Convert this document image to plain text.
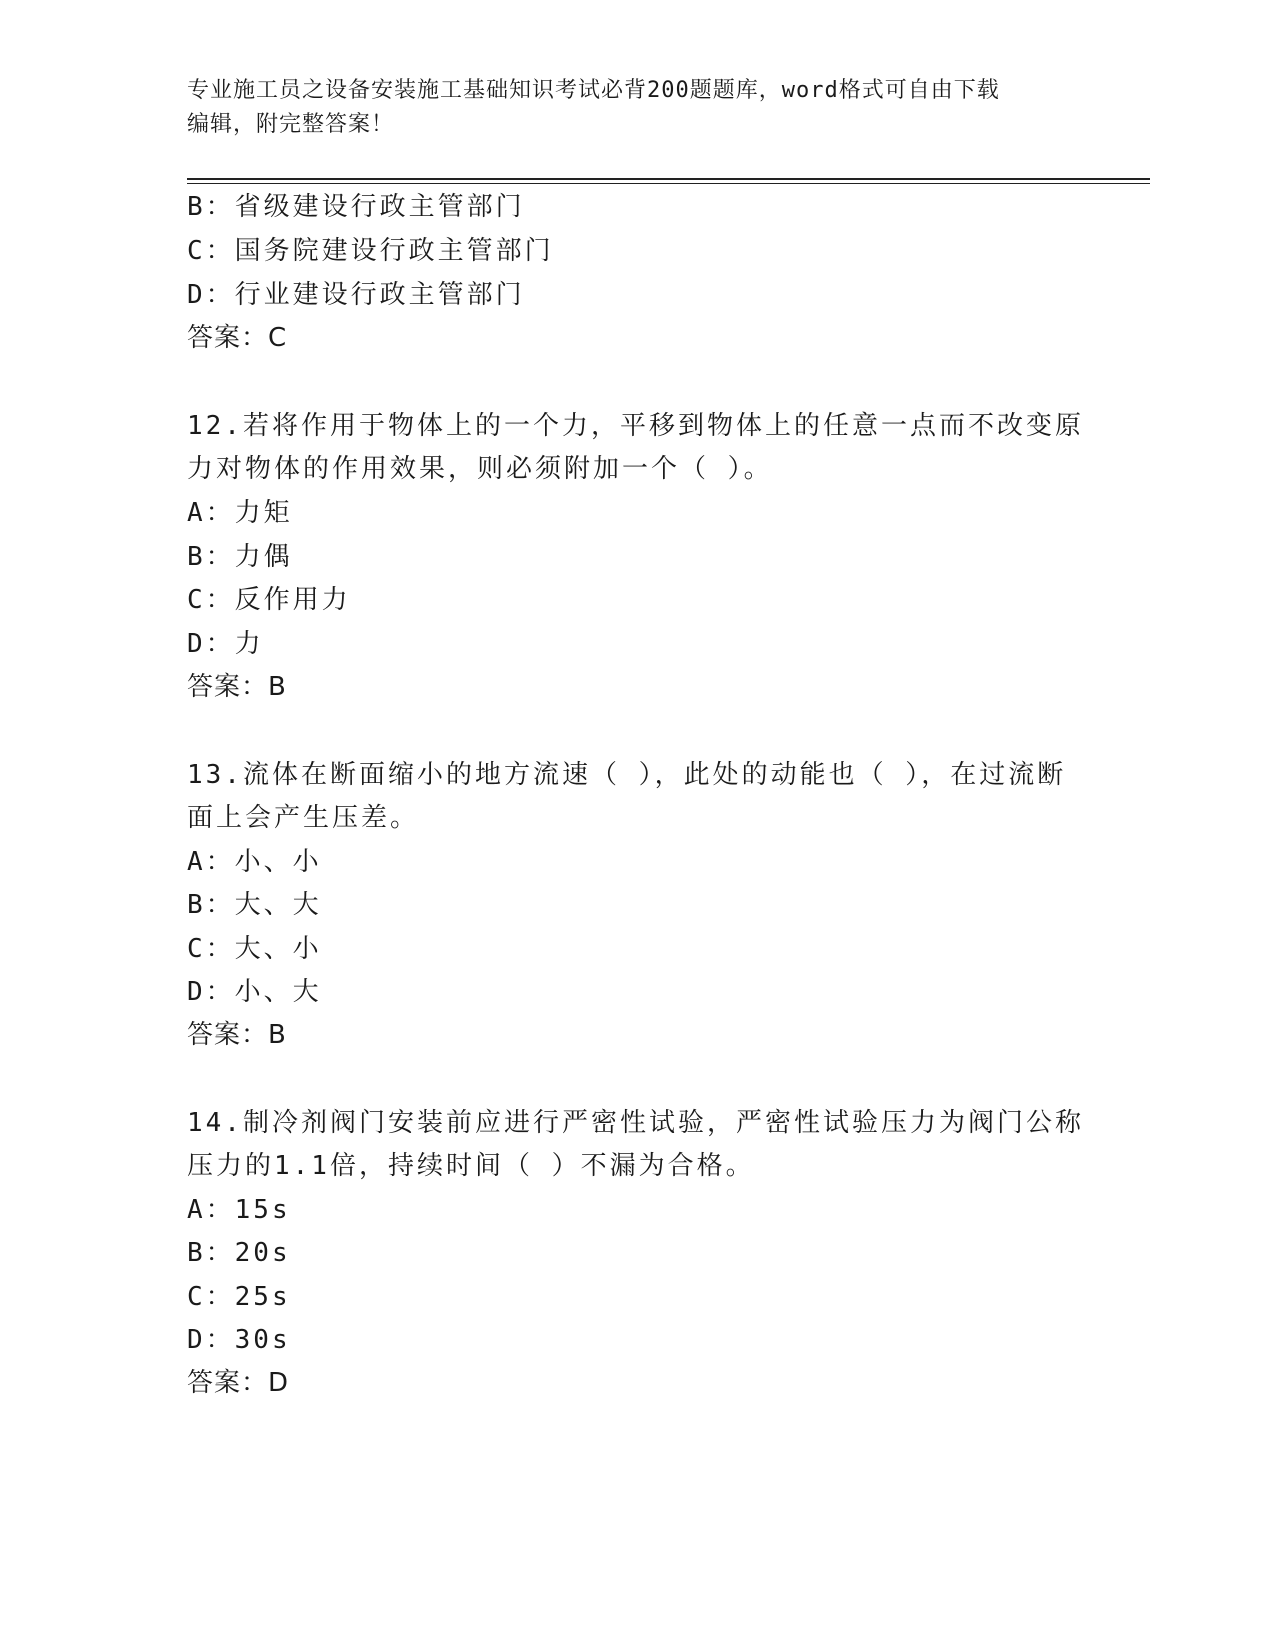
专业施工员之设备安装施工基础知识考试必背200题题库，word格式可自由下载
编辑，附完整答案！
B：省级建设行政主管部门
C：国务院建设行政主管部门
D：行业建设行政主管部门
答案：C
12.若将作用于物体上的一个力，平移到物体上的任意一点而不改变原
力对物体的作用效果，则必须附加一个（ ）。
A：力矩
B：力偶
C：反作用力
D：力
答案：B
13.流体在断面缩小的地方流速（ ），此处的动能也（ ），在过流断
面上会产生压差。
A：小、小
B：大、大
C：大、小
D：小、大
答案：B
14.制冷剂阀门安装前应进行严密性试验，严密性试验压力为阀门公称
压力的1.1倍，持续时间（ ）不漏为合格。
A：15s
B：20s
C：25s
D：30s
答案：D
